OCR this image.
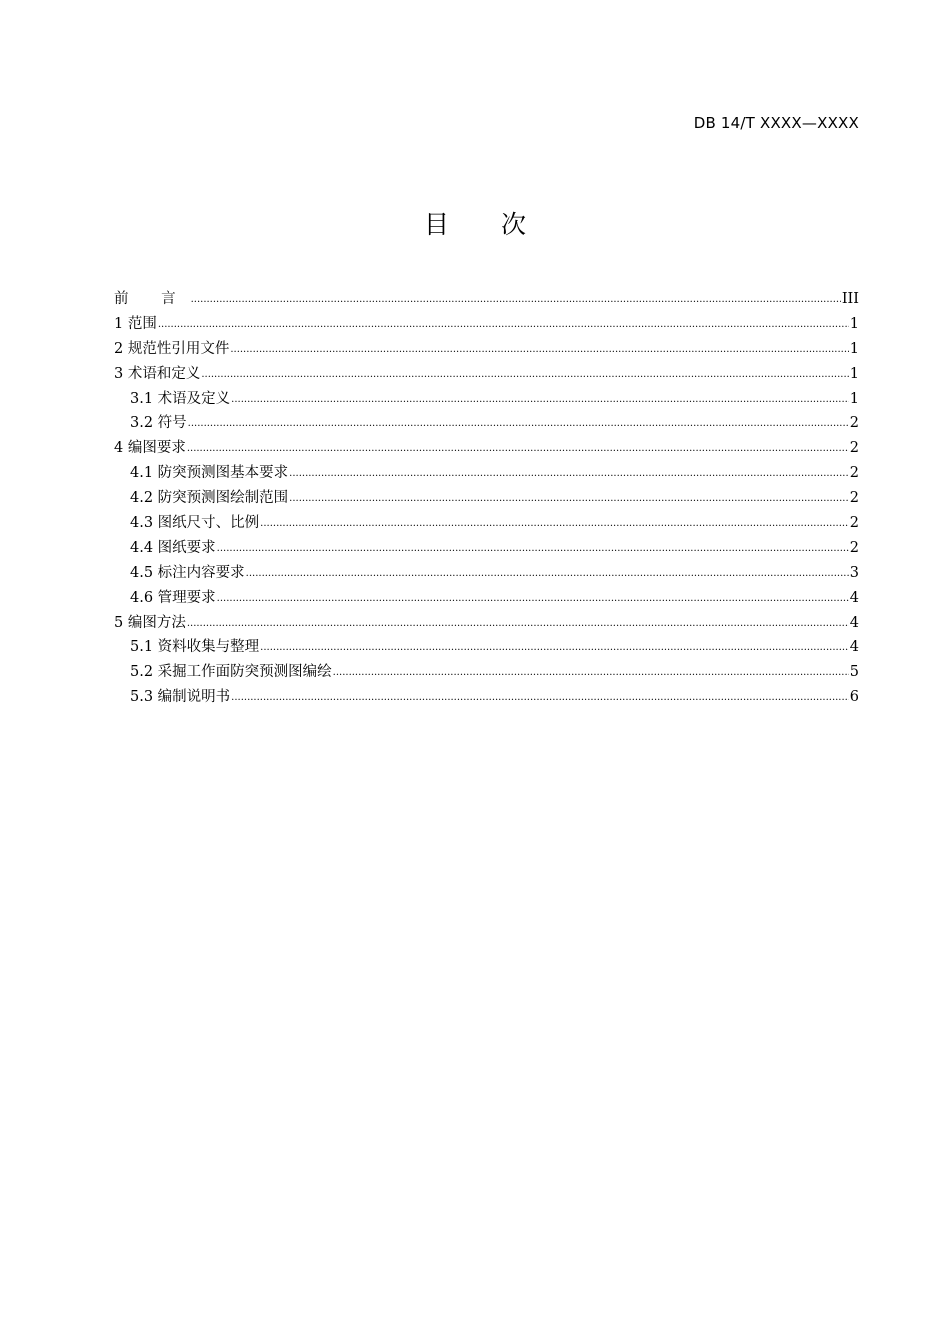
DB 14/T XXXX—XXXX
目 次
前 言 .....	III
1 范围 .....	1
2 规范性引用文件 .....	1
3 术语和定义 .....	1
3.1 术语及定义 .....	1
3.2 符号 .....	2
4 编图要求 .....	2
4.1 防突预测图基本要求 .....	2
4.2 防突预测图绘制范围 .....	2
4.3 图纸尺寸、比例 .....	2
4.4 图纸要求 .....	2
4.5 标注内容要求 .....	3
4.6 管理要求 .....	4
5 编图方法 .....	4
5.1 资料收集与整理 .....	4
5.2 采掘工作面防突预测图编绘 .....	5
5.3 编制说明书 .....	6
